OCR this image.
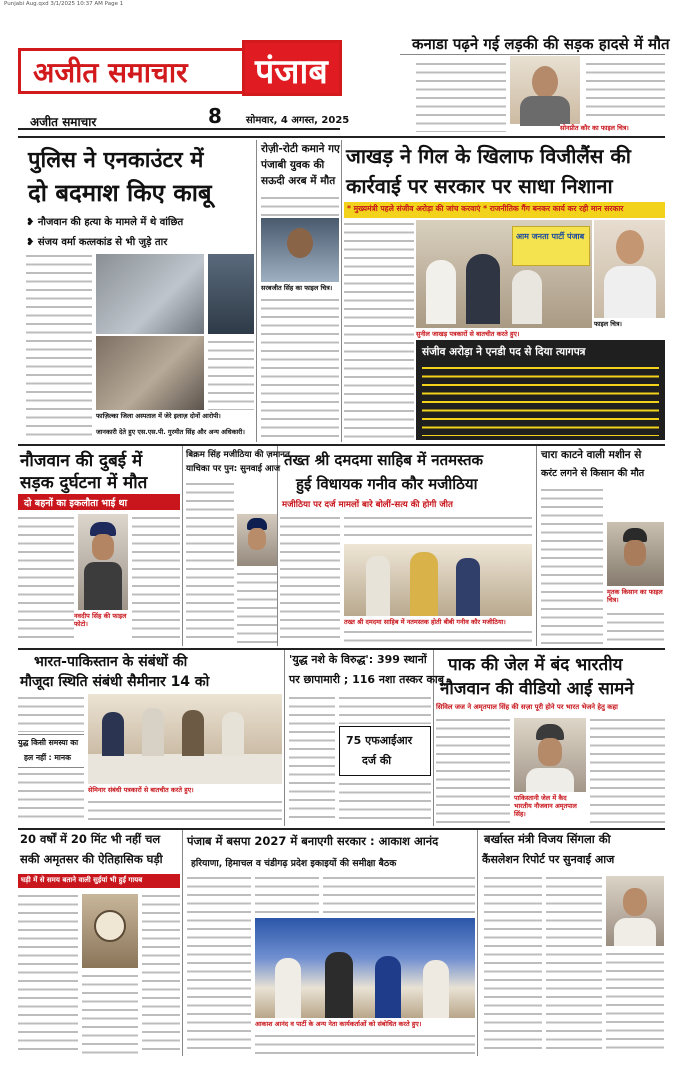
Punjabi Aug.qxd 3/1/2025 10:37 AM Page 1
अजीत समाचार पंजाब
8
अजीत समाचार	सोमवार, 4 अगस्त, 2025
कनाडा पढ़ने गई लड़की की सड़क हादसे में मौत
सोनप्रीत कौर का फाइल चित्र।
पुलिस ने एनकाउंटर में
दो बदमाश किए काबू
❥ नौजवान की हत्या के मामले में थे वांछित
❥ संजय वर्मा कत्लकांड से भी जुड़े तार
फाज़िल्का जिला अस्पताल में जेरे इलाज़ दोनों आरोपी।
जानकारी देते हुए एस.एस.पी. गुरमीत सिंह और अन्य अधिकारी।
रोज़ी-रोटी कमाने गए
पंजाबी युवक की
सऊदी अरब में मौत
सरबजीत सिंह का फाइल चित्र।
जाखड़ ने गिल के खिलाफ विजीलैंस की
कार्रवाई पर सरकार पर साधा निशाना
* मुख्यमंत्री पहले संजीव अरोड़ा की जांच करवाएं * राजनीतिक गैंग बनकर कार्य कर रही मान सरकार
आम जनता पार्टी पंजाब
सुनील जाखड़ पत्रकारों से बातचीत करते हुए।
फाइल चित्र।
संजीव अरोड़ा ने एनडी पद से दिया त्यागपत्र
नौजवान की दुबई में
सड़क दुर्घटना में मौत
दो बहनों का इकलौता भाई था
नवदीप सिंह की फाइल फोटो।
बिक्रम सिंह मजीठिया की ज़मानत
याचिका पर पुन: सुनवाई आज तख्त श्री दमदमा साहिब में नतमस्तक
हुई विधायक गनीव कौर मजीठिया
मजीठिया पर दर्ज मामलों बारे बोलीं-सत्य की होगी जीत
तख्त श्री दमदमा साहिब में नतमस्तक होती बीबी गनीव कौर मजीठिया।
चारा काटने वाली मशीन से
करंट लगने से किसान की मौत
मृतक किसान का फाइल चित्र।
भारत-पाकिस्तान के संबंधों की
मौजूदा स्थिति संबंधी सैमीनार 14 को
युद्ध किसी समस्या का
हल नहीं : मानक
सेमिनार संबंधी पत्रकारों से बातचीत करते हुए।
'युद्ध नशे के विरुद्ध': 399 स्थानों
पर छापामारी ; 116 नशा तस्कर काबू
75 एफआईआर
दर्ज की
पाक की जेल में बंद भारतीय
नौजवान की वीडियो आई सामने
सिविल जज ने अमृतपाल सिंह की सज़ा पूरी होने पर भारत भेजने हेतु कहा
पाकिस्तानी जेल में कैद भारतीय नौजवान अमृतपाल सिंह।
20 वर्षों में 20 मिंट भी नहीं चल
सकी अमृतसर की ऐतिहासिक घड़ी
घड़ी में से समय बताने वाली सुईयां भी हुईं गायब
पंजाब में बसपा 2027 में बनाएगी सरकार : आकाश आनंद
हरियाणा, हिमाचल व चंडीगढ़ प्रदेश इकाइयों की समीक्षा बैठक
आकाश आनंद व पार्टी के अन्य नेता कार्यकर्ताओं को संबोधित करते हुए।
बर्खास्त मंत्री विजय सिंगला की
कैंसलेशन रिपोर्ट पर सुनवाई आज
